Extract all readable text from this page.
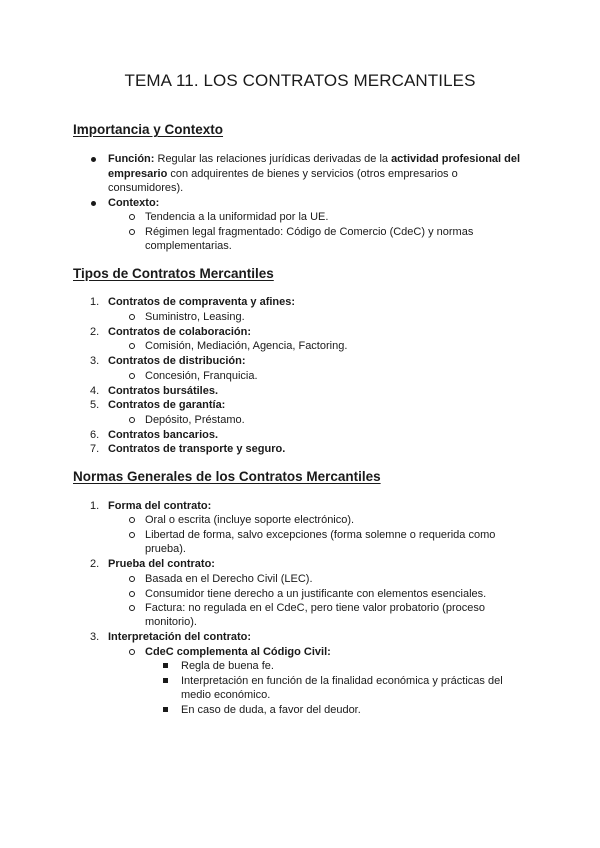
TEMA 11. LOS CONTRATOS MERCANTILES
Importancia y Contexto
Función: Regular las relaciones jurídicas derivadas de la actividad profesional del
empresario con adquirentes de bienes y servicios (otros empresarios o
consumidores).
Contexto:
Tendencia a la uniformidad por la UE.
Régimen legal fragmentado: Código de Comercio (CdeC) y normas
complementarias.
Tipos de Contratos Mercantiles
1. Contratos de compraventa y afines:
Suministro, Leasing.
2. Contratos de colaboración:
Comisión, Mediación, Agencia, Factoring.
3. Contratos de distribución:
Concesión, Franquicia.
4. Contratos bursátiles.
5. Contratos de garantía:
Depósito, Préstamo.
6. Contratos bancarios.
7. Contratos de transporte y seguro.
Normas Generales de los Contratos Mercantiles
1. Forma del contrato:
Oral o escrita (incluye soporte electrónico).
Libertad de forma, salvo excepciones (forma solemne o requerida como
prueba).
2. Prueba del contrato:
Basada en el Derecho Civil (LEC).
Consumidor tiene derecho a un justificante con elementos esenciales.
Factura: no regulada en el CdeC, pero tiene valor probatorio (proceso
monitorio).
3. Interpretación del contrato:
CdeC complementa al Código Civil:
Regla de buena fe.
Interpretación en función de la finalidad económica y prácticas del
medio económico.
En caso de duda, a favor del deudor.
